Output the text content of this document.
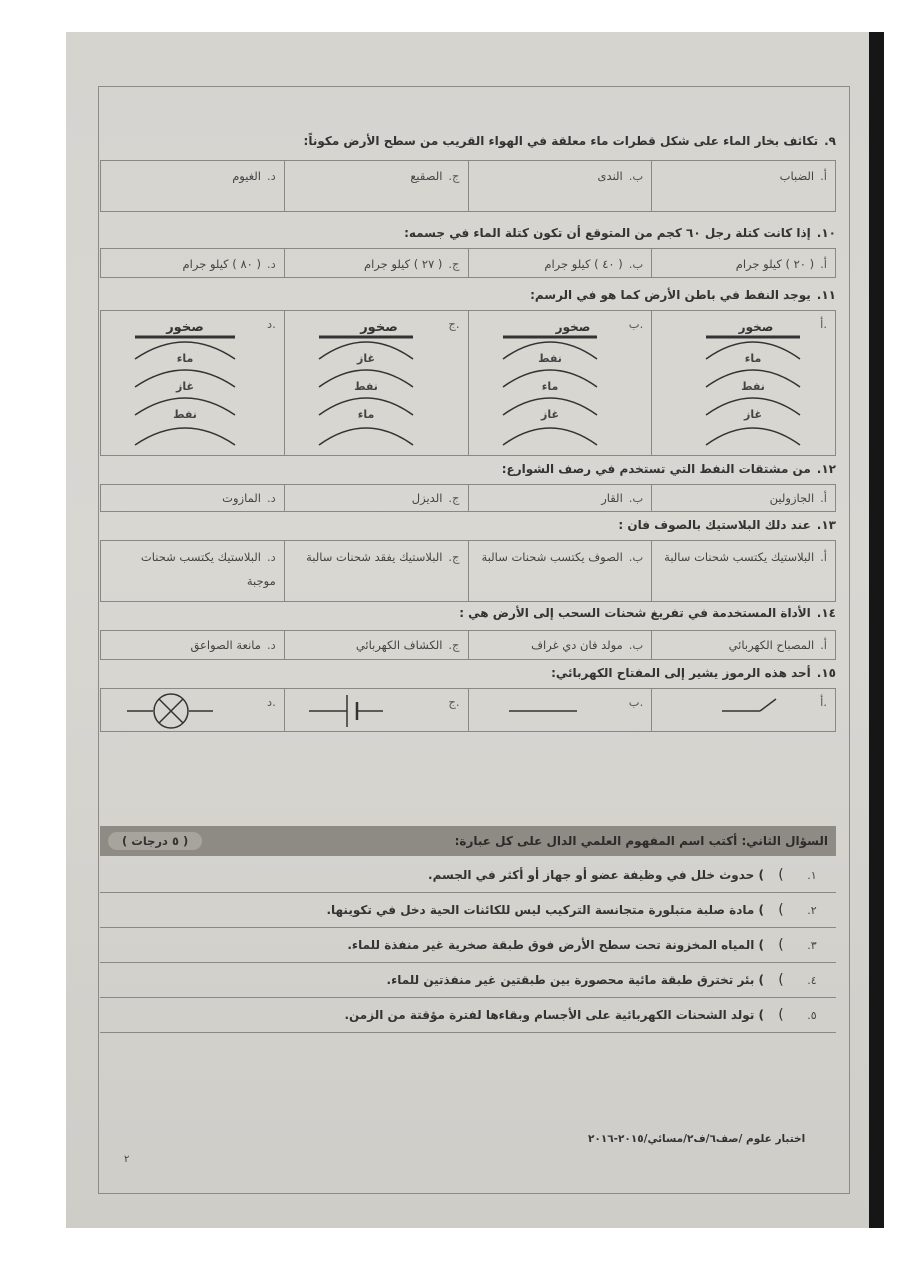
٩.تكاثف بخار الماء على شكل قطرات ماء معلقة في الهواء القريب من سطح الأرض مكوناً:
أ.الضباب
ب.الندى
ج.الصقيع
د.الغيوم
١٠.إذا كانت كتلة رجل ٦٠ كجم من المتوقع أن تكون كتلة الماء في جسمه:
أ.( ٢٠ ) كيلو جرام
ب.( ٤٠ ) كيلو جرام
ج.( ٢٧ ) كيلو جرام
د.( ٨٠ ) كيلو جرام
١١.يوجد النفط في باطن الأرض كما هو في الرسم:
أ.
صخور
ماء
نفط
غاز
ب.
صخور
نفط
ماء
غاز
ج.
صخور
غاز
نفط
ماء
د.
صخور
ماء
غاز
نفط
١٢.من مشتقات النفط التي تستخدم في رصف الشوارع:
أ.الجازولين
ب.القار
ج.الديزل
د.المازوت
١٣.عند دلك البلاستيك بالصوف فان :
أ.البلاستيك يكتسب شحنات سالبة
ب.الصوف يكتسب شحنات سالبة
ج.البلاستيك يفقد شحنات سالبة
د.البلاستيك يكتسب شحنات موجبة
١٤.الأداة المستخدمة في تفريغ شحنات السحب إلى الأرض هي :
أ.المصباح الكهربائي
ب.مولد فان دي غراف
ج.الكشاف الكهربائي
د.مانعة الصواعق
١٥.أحد هذه الرموز يشير إلى المفتاح الكهربائي:
أ.
ب.
ج.
د.
السؤال الثاني: أكتب اسم المفهوم العلمي الدال على كل عبارة:
( ٥ درجات )
١.
(
) حدوث خلل في وظيفة عضو أو جهاز أو أكثر في الجسم.
٢.
(
) مادة صلبة متبلورة متجانسة التركيب ليس للكائنات الحية دخل في تكوينها.
٣.
(
) المياه المخزونة تحت سطح الأرض فوق طبقة صخرية غير منفذة للماء.
٤.
(
) بئر تخترق طبقة مائية محصورة بين طبقتين غير منفذتين للماء.
٥.
(
) تولد الشحنات الكهربائية على الأجسام وبقاءها لفترة مؤقتة من الزمن.
اختبار علوم /صف٦/ف٢/مسائي/٢٠١٥-٢٠١٦
٢
